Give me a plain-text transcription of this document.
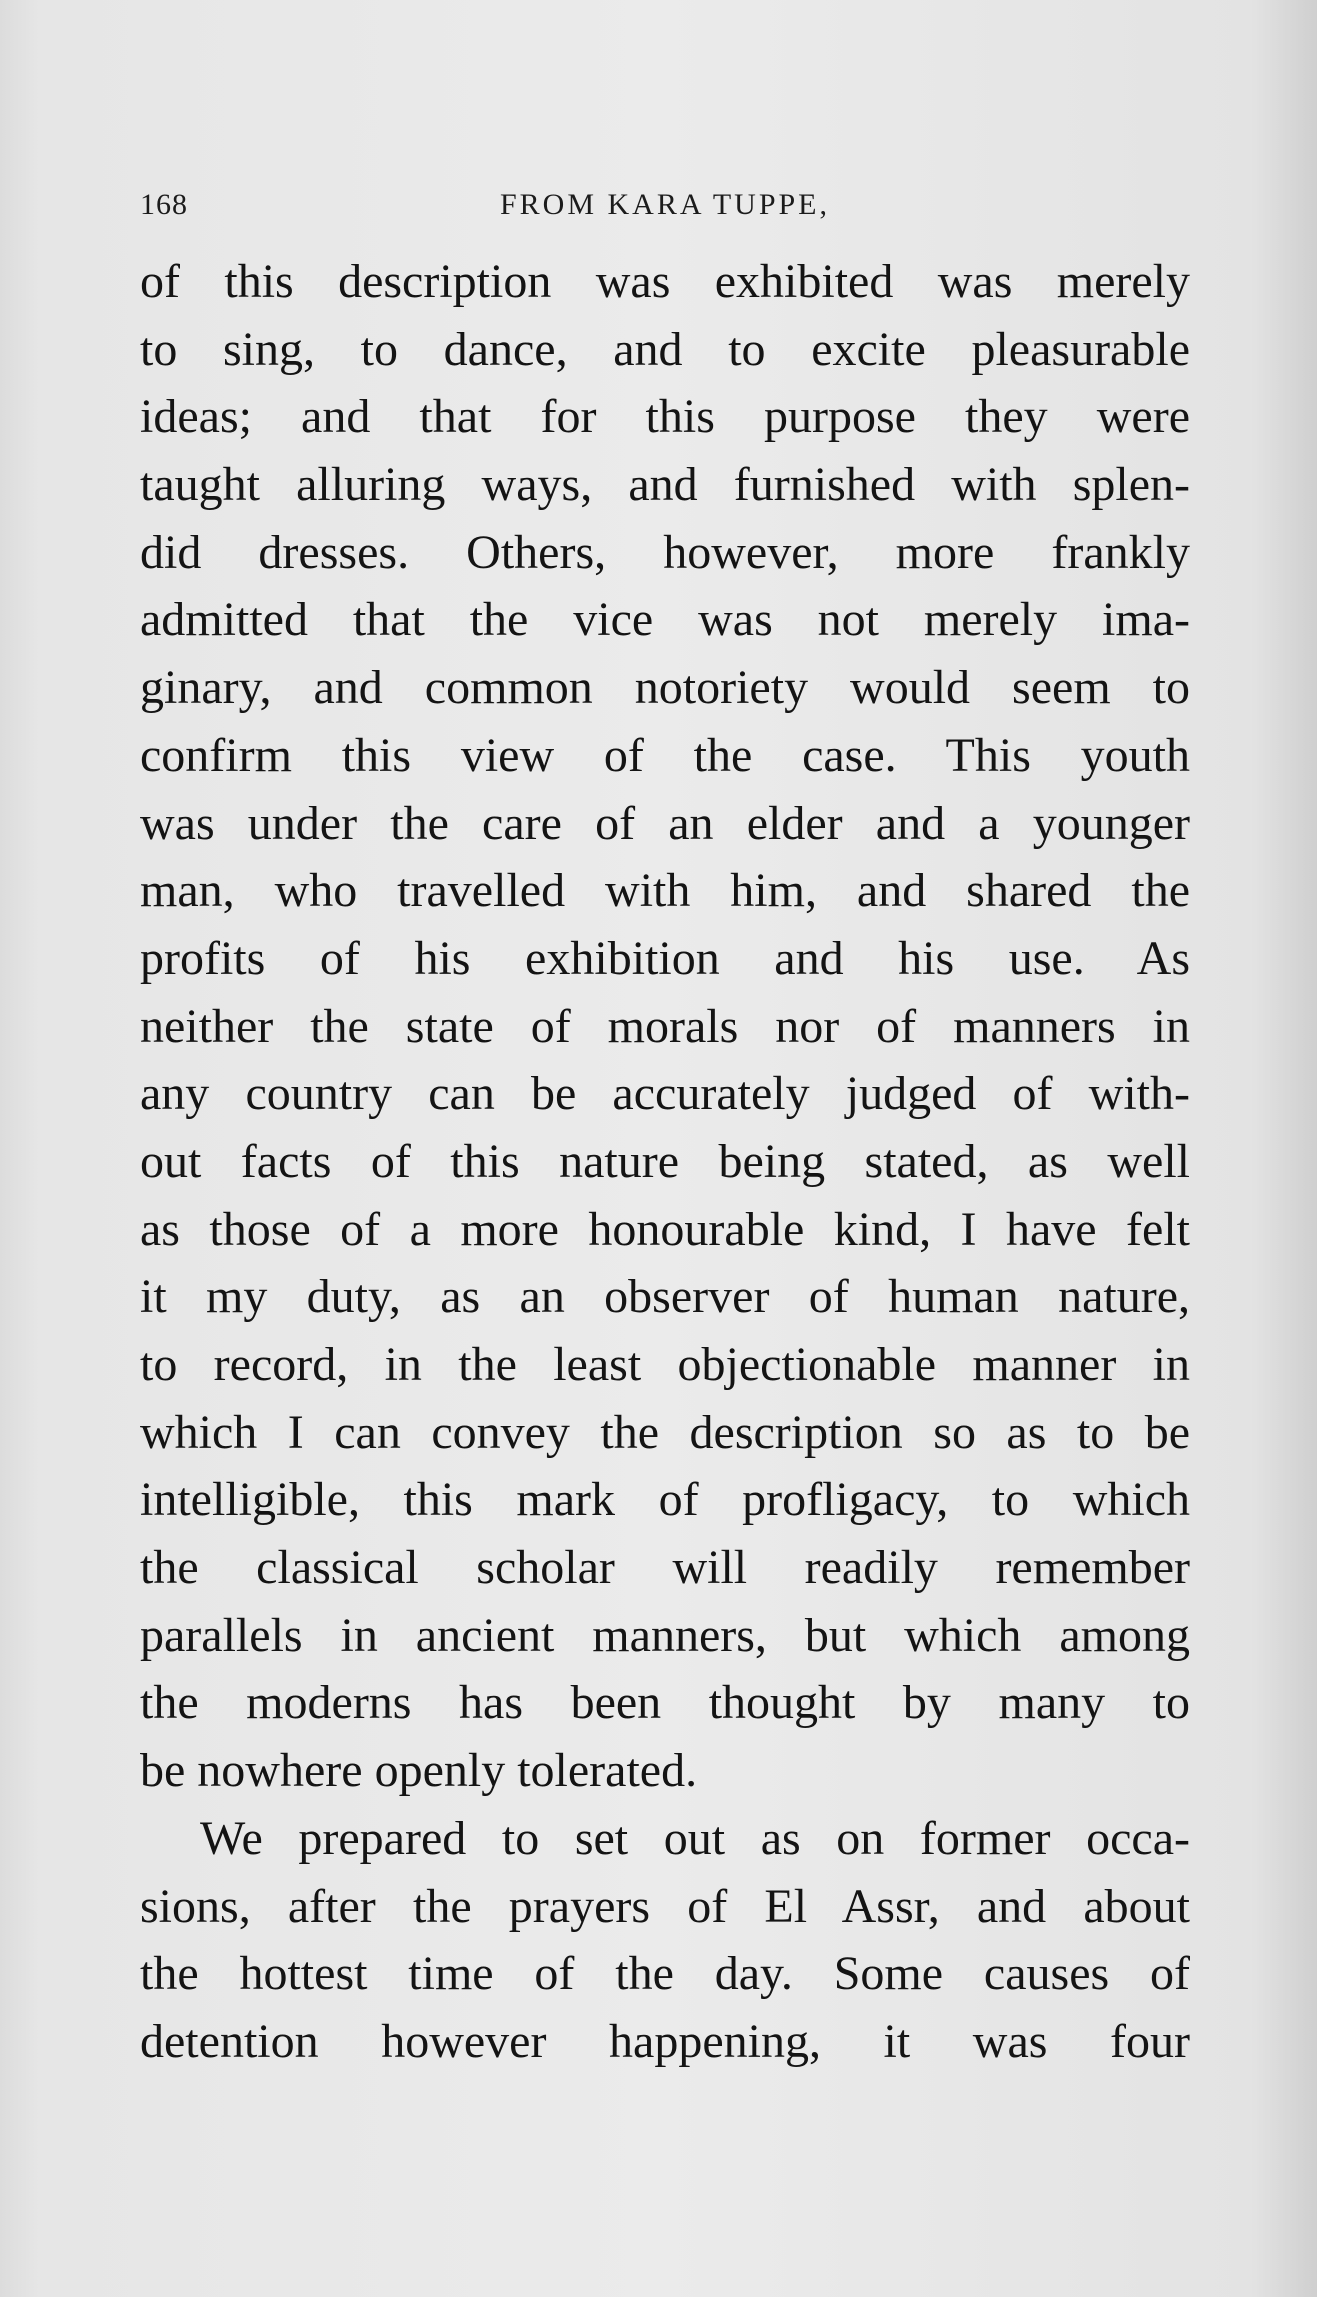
168	FROM KARA TUPPE,
of this description was exhibited was merely
to sing, to dance, and to excite pleasurable
ideas; and that for this purpose they were
taught alluring ways, and furnished with splen-
did dresses. Others, however, more frankly
admitted that the vice was not merely ima-
ginary, and common notoriety would seem to
confirm this view of the case. This youth
was under the care of an elder and a younger
man, who travelled with him, and shared the
profits of his exhibition and his use. As
neither the state of morals nor of manners in
any country can be accurately judged of with-
out facts of this nature being stated, as well
as those of a more honourable kind, I have felt
it my duty, as an observer of human nature,
to record, in the least objectionable manner in
which I can convey the description so as to be
intelligible, this mark of profligacy, to which
the classical scholar will readily remember
parallels in ancient manners, but which among
the moderns has been thought by many to
be nowhere openly tolerated.
We prepared to set out as on former occa-
sions, after the prayers of El Assr, and about
the hottest time of the day. Some causes of
detention however happening, it was four
